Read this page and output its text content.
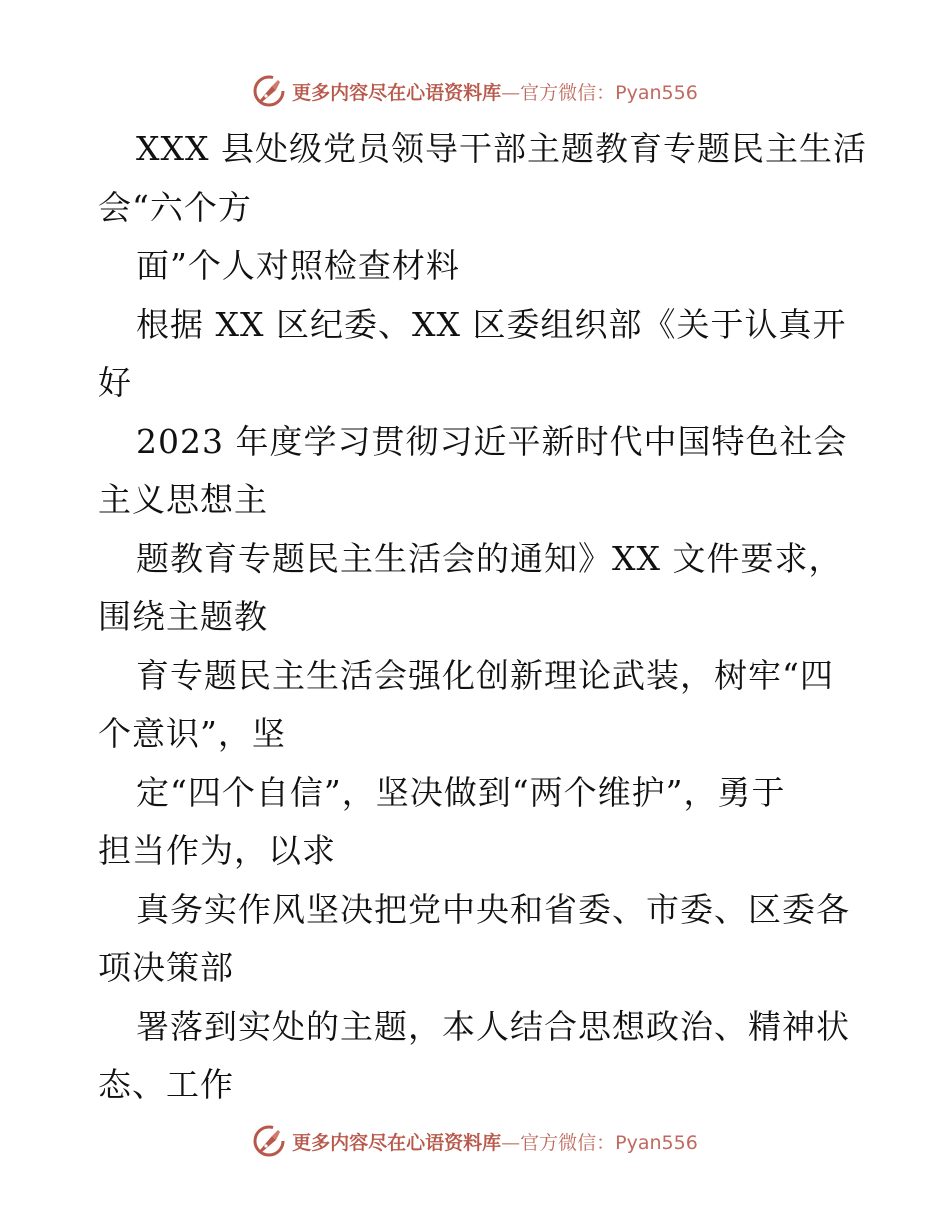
更多内容尽在心语资料库—官方微信：Pyan556

XXX 县处级党员领导干部主题教育专题民主生活
会“六个方

面”个人对照检查材料

根据 XX 区纪委、XX 区委组织部《关于认真开
好

2023 年度学习贯彻习近平新时代中国特色社会
主义思想主

题教育专题民主生活会的通知》XX 文件要求，
围绕主题教

育专题民主生活会强化创新理论武装，树牢“四
个意识”，坚

定“四个自信”，坚决做到“两个维护”，勇于
担当作为，以求

真务实作风坚决把党中央和省委、市委、区委各
项决策部

署落到实处的主题，本人结合思想政治、精神状
态、工作

更多内容尽在心语资料库—官方微信：Pyan556
